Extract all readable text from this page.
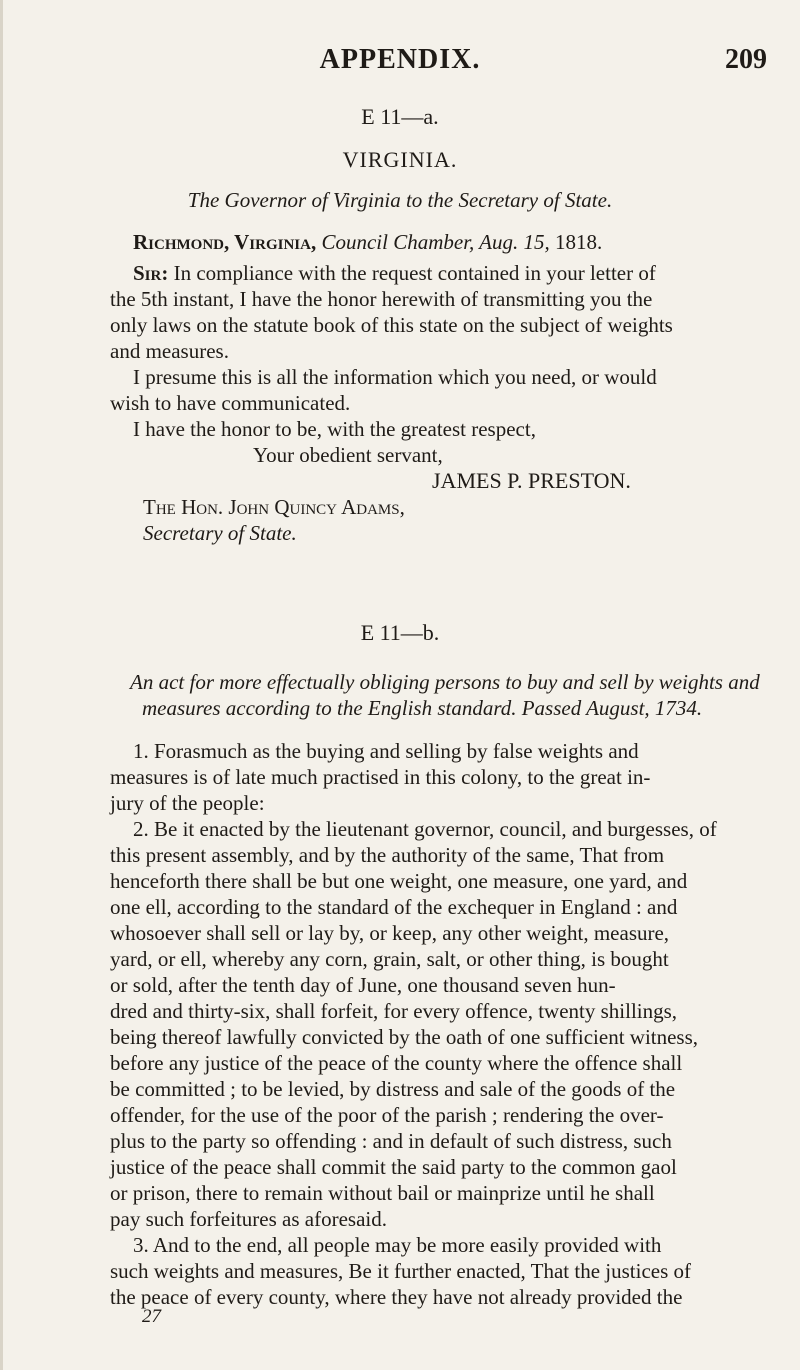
APPENDIX.	209
E 11—a.
VIRGINIA.
The Governor of Virginia to the Secretary of State.
Richmond, Virginia, Council Chamber, Aug. 15, 1818.
Sir: In compliance with the request contained in your letter of
the 5th instant, I have the honor herewith of transmitting you the
only laws on the statute book of this state on the subject of weights
and measures.
I presume this is all the information which you need, or would
wish to have communicated.
I have the honor to be, with the greatest respect,
Your obedient servant,
JAMES P. PRESTON.
The Hon. John Quincy Adams,
Secretary of State.
E 11—b.
An act for more effectually obliging persons to buy and sell by weights and
measures according to the English standard. Passed August, 1734.
1. Forasmuch as the buying and selling by false weights and
measures is of late much practised in this colony, to the great in-
jury of the people:
2. Be it enacted by the lieutenant governor, council, and burgesses, of
this present assembly, and by the authority of the same, That from
henceforth there shall be but one weight, one measure, one yard, and
one ell, according to the standard of the exchequer in England : and
whosoever shall sell or lay by, or keep, any other weight, measure,
yard, or ell, whereby any corn, grain, salt, or other thing, is bought
or sold, after the tenth day of June, one thousand seven hun-
dred and thirty-six, shall forfeit, for every offence, twenty shillings,
being thereof lawfully convicted by the oath of one sufficient witness,
before any justice of the peace of the county where the offence shall
be committed ; to be levied, by distress and sale of the goods of the
offender, for the use of the poor of the parish ; rendering the over-
plus to the party so offending : and in default of such distress, such
justice of the peace shall commit the said party to the common gaol
or prison, there to remain without bail or mainprize until he shall
pay such forfeitures as aforesaid.
3. And to the end, all people may be more easily provided with
such weights and measures, Be it further enacted, That the justices of
the peace of every county, where they have not already provided the
27
